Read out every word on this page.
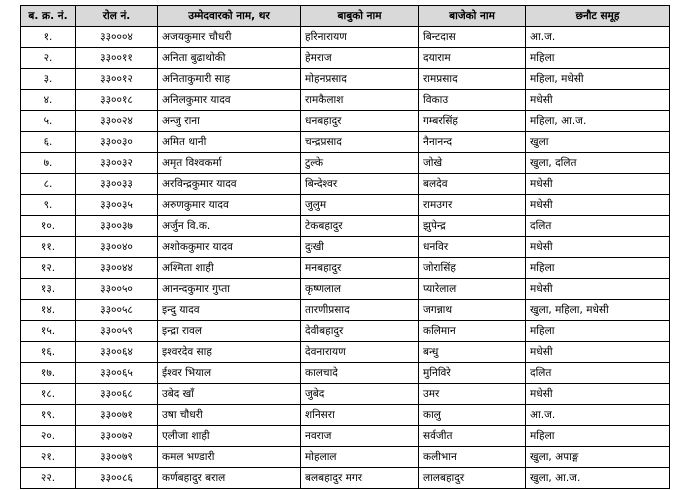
ब. क्र. नं.	रोल नं.	उम्मेदवारको नाम, थर	बाबुको नाम	बाजेको नाम	छनौट समूह
१.	३३०००४	अजयकुमार चौधरी	हरिनारायण	बिन्टदास	आ.ज.
२.	३३००११	अनिता बुढाथोकी	हेमराज	दयाराम	महिला
३.	३३००१२	अनिताकुमारी साह	मोहनप्रसाद	रामप्रसाद	महिला, मधेसी
४.	३३००१८	अनिलकुमार यादव	रामकैलाश	विकाउ	मधेसी
५.	३३००२४	अन्जु राना	धनबहादुर	गम्बरसिंह	महिला, आ.ज.
६.	३३००३०	अमित थानी	चन्द्रप्रसाद	नैनानन्द	खुला
७.	३३००३२	अमृत विश्वकर्मा	टुल्के	जोखे	खुला, दलित
८.	३३००३३	अरविन्द्रकुमार यादव	बिन्देश्वर	बलदेव	मधेसी
९.	३३००३५	अरुणकुमार यादव	जुलुम	रामउगर	मधेसी
१०.	३३००३७	अर्जुन वि.क.	टेकबहादुर	झुपेन्द्र	दलित
११.	३३००४०	अशोककुमार यादव	दुःखी	धनविर	मधेसी
१२.	३३००४४	अश्मिता शाही	मनबहादुर	जोरासिंह	महिला
१३.	३३००५०	आनन्दकुमार गुप्ता	कृष्णलाल	प्यारेलाल	मधेसी
१४.	३३००५८	इन्दु यादव	तारणीप्रसाद	जगन्नाथ	खुला, महिला, मधेसी
१५.	३३००५९	इन्द्रा रावल	देवीबहादुर	कलिमान	महिला
१६.	३३००६४	इश्वरदेव साह	देवनारायण	बन्धु	मधेसी
१७.	३३००६५	ईश्वर भियाल	कालचादे	मुनिविरे	दलित
१८.	३३००६८	उबेद खाँ	जुबेद	उमर	मधेसी
१९.	३३००७१	उषा चौधरी	शनिसरा	कालु	आ.ज.
२०.	३३००७२	एलीजा शाही	नवराज	सर्वजीत	महिला
२१.	३३००७९	कमल भण्डारी	मोहलाल	कलीभान	खुला, अपाङ्ग
२२.	३३००८६	कर्णबहादुर बराल	बलबहादुर मगर	लालबहादुर	खुला, आ.ज.
